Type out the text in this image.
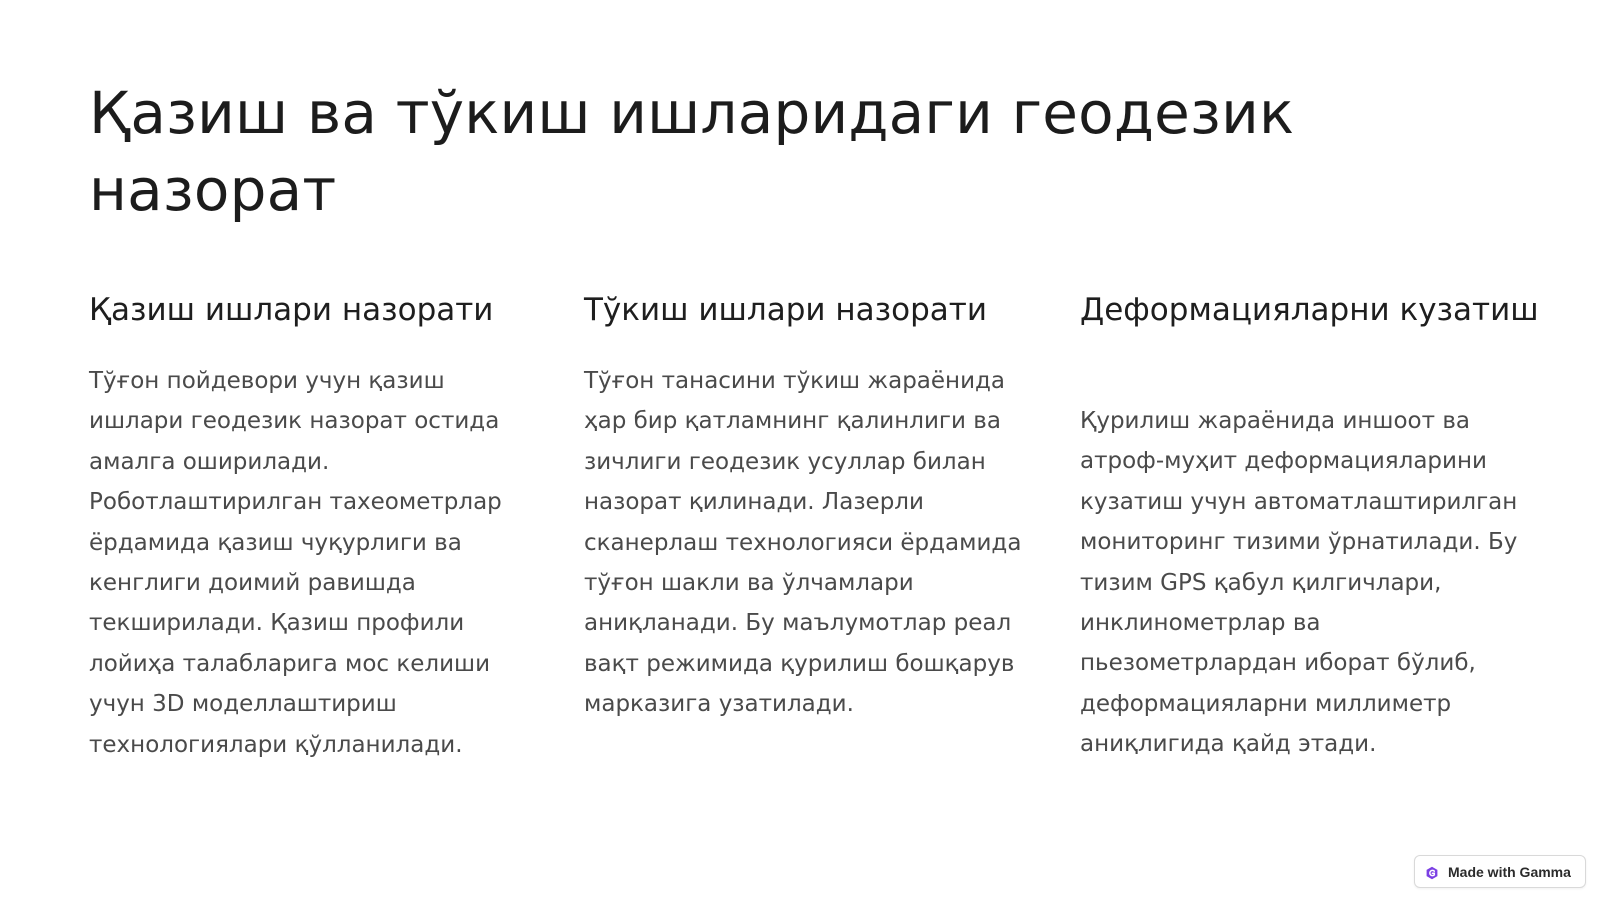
Қазиш ва тўкиш ишларидаги геодезик назорат
Қазиш ишлари назорати

Тўғон пойдевори учун қазиш ишлари геодезик назорат остида амалга оширилади. Роботлаштирилган тахеометрлар ёрдамида қазиш чуқурлиги ва кенглиги доимий равишда текширилади. Қазиш профили лойиҳа талабларига мос келиши учун 3D моделлаштириш технологиялари қўлланилади.

Тўкиш ишлари назорати

Тўғон танасини тўкиш жараёнида ҳар бир қатламнинг қалинлиги ва зичлиги геодезик усуллар билан назорат қилинади. Лазерли сканерлаш технологияси ёрдамида тўғон шакли ва ўлчамлари аниқланади. Бу маълумотлар реал вақт режимида қурилиш бошқарув марказига узатилади.

Деформацияларни кузатиш

Қурилиш жараёнида иншоот ва атроф-муҳит деформацияларини кузатиш учун автоматлаштирилган мониторинг тизими ўрнатилади. Бу тизим GPS қабул қилгичлари, инклинометрлар ва пьезометрлардан иборат бўлиб, деформацияларни миллиметр аниқлигида қайд этади.

Made with Gamma
